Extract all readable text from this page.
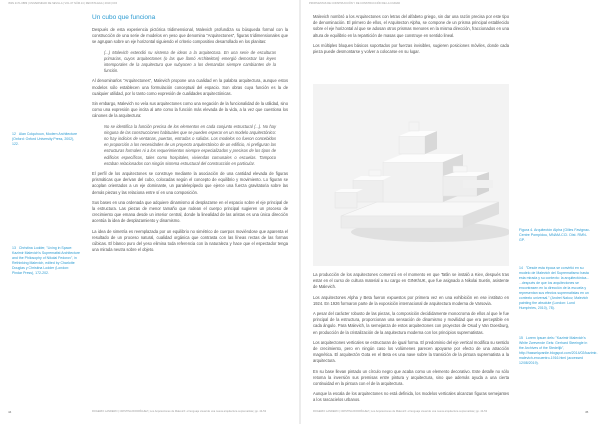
ISSN 2171-6889 | UNIVERSIDAD DE SEVILLA | VOL.07 NÚM.14 | REVISTA EGA | 2019 | DOI
Un cubo que funciona

Después de esta experiencia pictórica tridimensional, Malevich profundiza su búsqueda formal con la construcción de una serie de modelos en yeso que denomina "Arquitectones", figuras tridimensionales que se agrupan sobre un eje horizontal siguiendo el criterio compositivo desarrollado en los planitas:

(...) Malevich extendió su sistema de ideas a la arquitectura. En una serie de esculturas primarias, cuyos arquitectones (o las que llamó Architekton) emergió demostrar las leyes intemporales de la arquitectura que subyacen a los demandas siempre cambiantes de la función.

Al denominarlos "Arquitectones", Malevich propone una cualidad en la palabra arquitectura, aunque estos modelos sólo establecen una formulación conceptual del espacio. Son obras cuya función es la de cualquier utilidad, por lo tanto como expresión de cualidades arquitectónicas.

Sin embargo, Malevich no veía sus arquitectones como una negación de la funcionalidad de la utilidad, sino como una expresión que incita al arte como la función más elevada de la vida, a la vez que cuestiona los cánones de la arquitectura:

No se identifica la función precisa de los elementos en cada conjunto estructural (...). No hay ninguna de las construcciones habituales que se pueden esperar en un modelo arquitectónico: no hay indicios de ventanas, puertas, entradas o salidas. Los modelos no fueron concebidos en proporción a los necesidades de un proyecto arquitectónico de un edificio, ni prefiguran las estructuras formales ni a los requerimientos siempre especializados y precisos de los tipos de edificios específicos, tales como hospitales, viviendas comunales o escuelas. Tampoco estaban relacionados con ningún sistema estructural del construcción en particular.

El perfil de los arquitectones se construye mediante la asociación de una cantidad elevada de figuras prismáticas que derivan del cubo, colocadas según el concepto de equilibrio y movimiento. Lo figuran se acoplan orientados a un eje dominante, un paralelepípedo que ejerce una fuerza gravitatoria sobre las demás piezas y las relaciona entre sí en una composición.

Sus bases en una ordenada que adquiere dinamismo al desplazarse en el espacio sobre el eje principal de la estructura. Las piezas de menor tamaño que rodean el cuerpo principal sugieren un proceso de crecimiento que emana desde un interior central, donde la linealidad de las aristas es una única dirección acentúa la idea de desplazamiento y dinamismo.

La idea de simetría es reemplazada por un equilibrio no simétrico de cuerpos moviéndose que aparenta el resultado de un proceso natural, cualidad orgánica que contrasta con las líneas rectas de las formas cúbicas. El blanco puro del yeso elimina toda referencia con la naturaleza y hace que el espectador tenga una mirada neutra sobre el objeto.

12 Alan Colquhoun, Modern Architecture (Oxford: Oxford University Press, 2002), 122.
13 Christina Lodder, "Living in Space: Kazimir Malevich's Suprematist Architecture and the Philosophy of Nikolai Fedorov", in Rethinking Malevich, edited by Charlotte Douglas y Christina Lodder (London: Pindar Press), 172-202.
44	ROGERIO LANDERO | CRISTINA RODRÍGUEZ | Los Arquitectones de Malevich: el lenguaje visual de una nueva arquitectura suprematista | pp. 44-53
PROPUESTAS DE CONSTRUCCIÓN Y DE CONSTRUCCIÓN DE LA CIUDAD

Malevich nombró a los Arquitectones con letras del alfabeto griego, sin dar una razón precisa por este tipo de denominación. El primero de ellos, el Arquitecton Alpha, se compone de un prisma principal establecido sobre el eje horizontal al que se adosan otros prismas menores en la misma dirección, fraccionados en una altura de equilibrio en la repartición de masas que construye en sentido lineal.

Los múltiples bloques básicos soportados por fuerzas invisibles, sugieren posiciones móviles, donde cada pieza puede desmontarse y volver a colocarse en su lugar.

Figura 4. Arquitectón Alpha (Gilles Favignac-Centre Pompidou, MNAM-CCI. Dist. RMN-GP.

La producción de los arquitectones comenzó en el momento en que Tatlin se instaló a Kiev, después tras estar en el curso de cultura material a su cargo en GINKhUK, que fue asignado a Nikolai Suetin, asistente de Malevich.

Los arquitectones Alpha y Beta fueron expuestos por primera vez en una exhibición en ese instituto en 1924. En 1926 formaron parte de la exposición internacional de arquitectura moderna de Varsovia.

A pesar del carácter robusto de las piezas, la composición decididamente monocroma de ellos al que le fue principal de la estructura, proporcionan una sensación de dinamismo y movilidad que era perceptible en cada ángulo. Para Malevich, la semejanza de estos arquitectones con proyectos de Osud y Van Doesburg, en producción de la cristalización de la arquitectura moderna con los principios suprematistas.

Los arquitectones verticales se estructuran de igual forma. El predominio del eje vertical modifica su sentido de crecimiento, pero en ningún caso los volúmenes parecen apoyarse por efecto de una atracción magnética. El arquitectón Gota en el Beta es una nave sobre la transición de la pintura suprematista a la arquitectura.

En su base llevan pintado un círculo negro que acaba como un elemento decorativo. Este detalle no sólo retoma la inversión sus premisas entre pintura y arquitectura, sino que además ayuda a una cierta continuidad en la pintura con el de la arquitectura.

Aunque la escala de los arquitectones no está definida, los modelos verticales alcanzan figuras semejantes a los rascacielos urbanos.

14 "Desde esta época se convirtió en su modelo de Malevich del Suprematismo hasta esta mirada y su contexto: la arquitectónica... ...después de que los arquitectones se encontrasen en la dirección de la escuela y representan sus efectos suprematistas en un contexto universal." (Andrei Nakov, Malevich painting the absolute (London: Lund Humphries, 2010), 78).
15 Lorem Ipsum dels: "Kazimir Malevich's White Zwevende Gels: Gerhard Steeingle in the Archives of the Stedelijk", http://hasselqvanlie.blogspot.com/2014/02/kazimir-malevich-encuentro-1916.html (accessed 12/08/2019).
ROGERIO LANDERO | CRISTINA RODRÍGUEZ | Los Arquitectones de Malevich: el lenguaje visual de una nueva arquitectura suprematista | pp. 44-53	45
